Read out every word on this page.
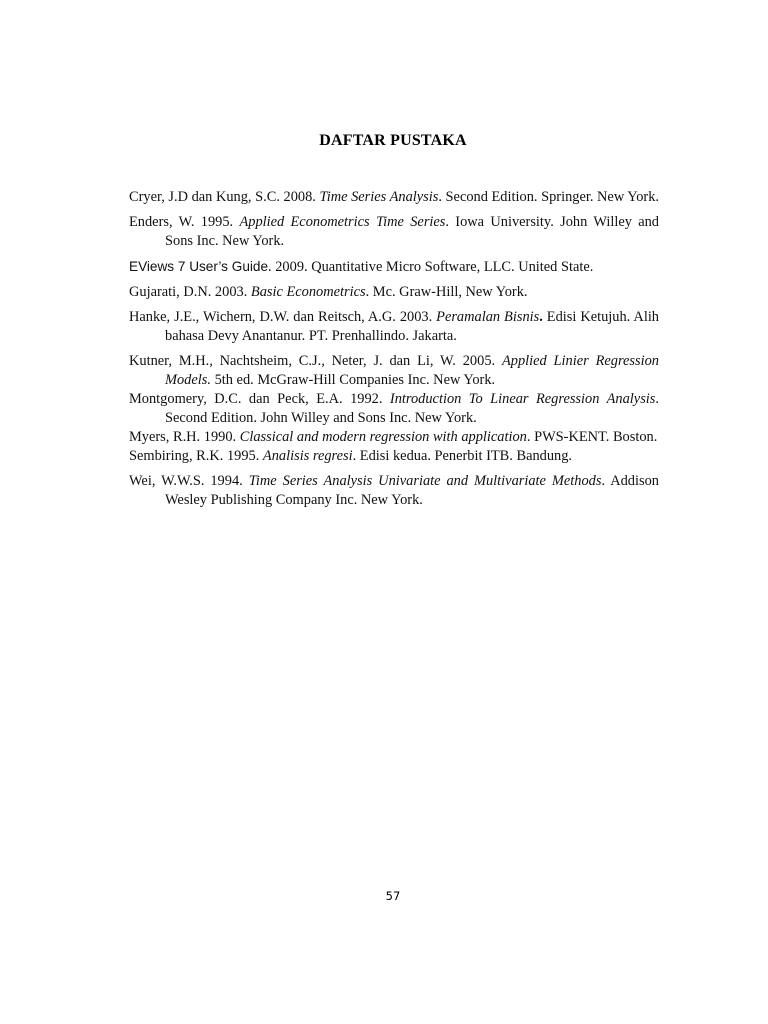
DAFTAR PUSTAKA
Cryer, J.D dan Kung, S.C. 2008. Time Series Analysis. Second Edition. Springer. New York.
Enders, W. 1995. Applied Econometrics Time Series. Iowa University. John Willey and Sons Inc. New York.
EViews 7 User’s Guide. 2009. Quantitative Micro Software, LLC. United State.
Gujarati, D.N. 2003. Basic Econometrics. Mc. Graw-Hill, New York.
Hanke, J.E., Wichern, D.W. dan Reitsch, A.G. 2003. Peramalan Bisnis. Edisi Ketujuh. Alih bahasa Devy Anantanur. PT. Prenhallindo. Jakarta.
Kutner, M.H., Nachtsheim, C.J., Neter, J. dan Li, W. 2005. Applied Linier Regression Models. 5th ed. McGraw-Hill Companies Inc. New York.
Montgomery, D.C. dan Peck, E.A. 1992. Introduction To Linear Regression Analysis. Second Edition. John Willey and Sons Inc. New York.
Myers, R.H. 1990. Classical and modern regression with application. PWS-KENT. Boston.
Sembiring, R.K. 1995. Analisis regresi. Edisi kedua. Penerbit ITB. Bandung.
Wei, W.W.S. 1994. Time Series Analysis Univariate and Multivariate Methods. Addison Wesley Publishing Company Inc. New York.
57
